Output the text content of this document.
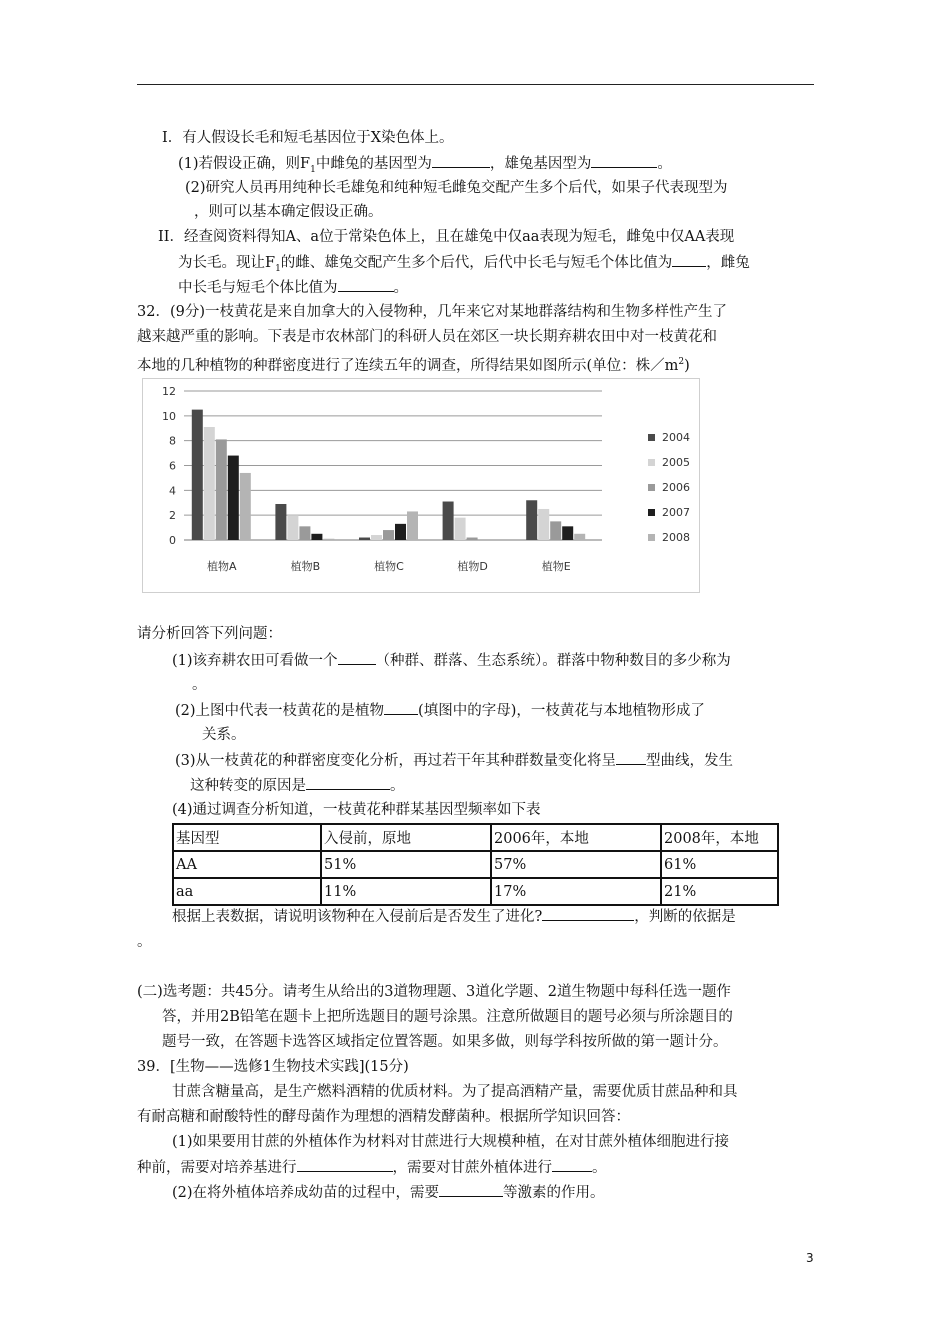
I．有人假设长毛和短毛基因位于X染色体上。
(1)若假设正确，则$F_1$中雌兔的基因型为	，雄兔基因型为	。
(2)研究人员再用纯种长毛雄兔和纯种短毛雌兔交配产生多个后代，如果子代表现型为
，则可以基本确定假设正确。
II．经查阅资料得知A、a位于常染色体上，且在雄兔中仅aa表现为短毛，雌兔中仅AA表现
为长毛。现让$F_1$的雌、雄兔交配产生多个后代，后代中长毛与短毛个体比值为 ，雌兔
中长毛与短毛个体比值为	。
32．(9分)一枝黄花是来自加拿大的入侵物种，几年来它对某地群落结构和生物多样性产生了
越来越严重的影响。下表是市农林部门的科研人员在郊区一块长期弃耕农田中对一枝黄花和
本地的几种植物的种群密度进行了连续五年的调查，所得结果如图所示(单位：株$/m^2$)
0
2
4
6
8
10
12
植物A	植物B	植物C	植物D	植物E
2004
2005
2006
2007
2008
请分析回答下列问题：
(1)该弃耕农田可看做一个	（种群、群落、生态系统）。群落中物种数目的多少称为
。
(2)上图中代表一枝黄花的是植物 (填图中的字母)，一枝黄花与本地植物形成了
关系。
(3)从一枝黄花的种群密度变化分析，再过若干年其种群数量变化将呈 型曲线，发生
这种转变的原因是	。
(4)通过调查分析知道，一枝黄花种群某基因型频率如下表
基因型	入侵前，原地	2006年，本地	2008年，本地
AA	51%	57%	61%
aa	11%	17%	21%
根据上表数据，请说明该物种在入侵前后是否发生了进化?	，判断的依据是
。
(二)选考题：共45分。请考生从给出的3道物理题、3道化学题、2道生物题中每科任选一题作
答，并用2B铅笔在题卡上把所选题目的题号涂黑。注意所做题目的题号必须与所涂题目的
题号一致，在答题卡选答区域指定位置答题。如果多做，则每学科按所做的第一题计分。
39．[生物——选修1生物技术实践](15分)
甘蔗含糖量高，是生产燃料酒精的优质材料。为了提高酒精产量，需要优质甘蔗品种和具
有耐高糖和耐酸特性的酵母菌作为理想的酒精发酵菌种。根据所学知识回答：
(1)如果要用甘蔗的外植体作为材料对甘蔗进行大规模种植，在对甘蔗外植体细胞进行接
种前，需要对培养基进行	，需要对甘蔗外植体进行	。
(2)在将外植体培养成幼苗的过程中，需要	等激素的作用。
3
